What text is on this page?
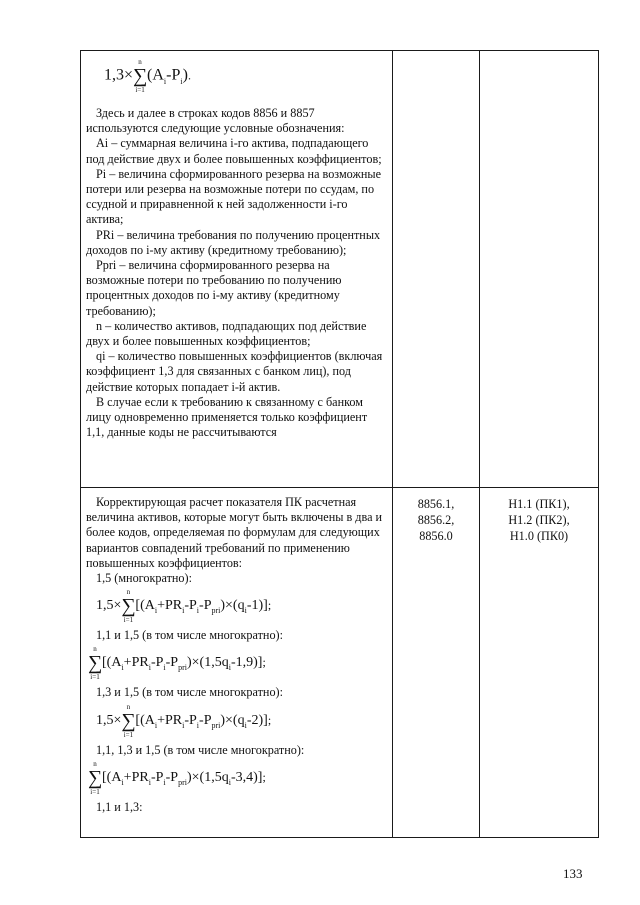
1,3×
n
∑
i=1
$(A_i-P_i)$.
Здесь и далее в строках кодов 8856 и 8857 используются следующие условные обозначения:
Ai – суммарная величина i-го актива, подпадающего под действие двух и более повышенных коэффициентов;
Pi – величина сформированного резерва на возможные потери или резерва на возможные потери по ссудам, по ссудной и приравненной к ней задолженности i-го актива;
PRi – величина требования по получению процентных доходов по i-му активу (кредитному требованию);
Ppri – величина сформированного резерва на возможные потери по требованию по получению процентных доходов по i-му активу (кредитному требованию);
n – количество активов, подпадающих под действие двух и более повышенных коэффициентов;
qi – количество повышенных коэффициентов (включая коэффициент 1,3 для связанных с банком лиц), под действие которых попадает i-й актив.
В случае если к требованию к связанному с банком лицу одновременно применяется только коэффициент 1,1, данные коды не рассчитываются
Корректирующая расчет показателя ПК расчетная величина активов, которые могут быть включены в два и более кодов, определяемая по формулам для следующих вариантов совпадений требований по применению повышенных коэффициентов:
1,5 (многократно):
1,5×
n
∑
i=1
$[(A_i+PR_i-P_i-P_{pri})\times(q_i-1)]$;
1,1 и 1,5 (в том числе многократно):
n
∑
i=1
$[(A_i+PR_i-P_i-P_{pri})\times(1,5q_i-1,9)]$;
1,3 и 1,5 (в том числе многократно):
1,5×
n
∑
i=1
$[(A_i+PR_i-P_i-P_{pri})\times(q_i-2)]$;
1,1, 1,3 и 1,5 (в том числе многократно):
n
∑
i=1
$[(A_i+PR_i-P_i-P_{pri})\times(1,5q_i-3,4)]$;
1,1 и 1,3:
8856.1,
8856.2,
8856.0
Н1.1 (ПК1),
Н1.2 (ПК2),
Н1.0 (ПК0)
133
